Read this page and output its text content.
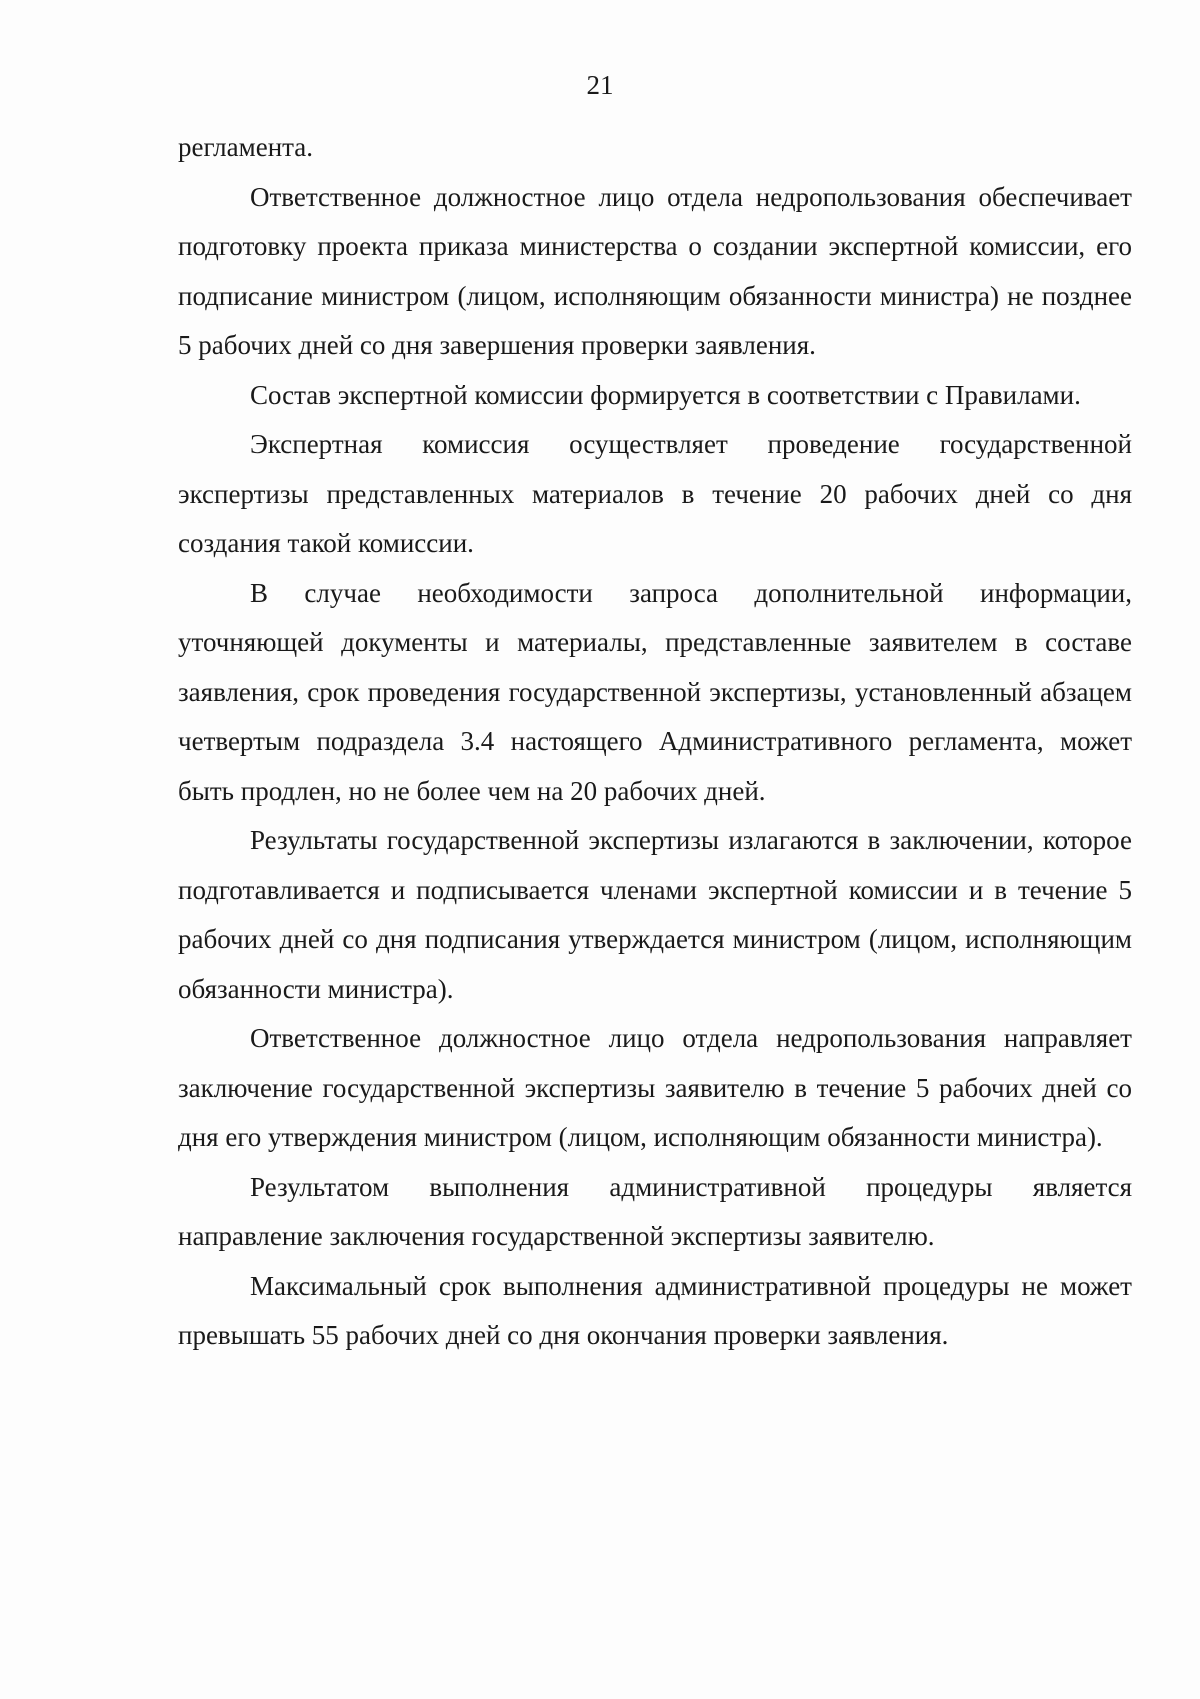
21

регламента.

Ответственное должностное лицо отдела недропользования обеспечивает подготовку проекта приказа министерства о создании экспертной комиссии, его подписание министром (лицом, исполняющим обязанности министра) не позднее 5 рабочих дней со дня завершения проверки заявления.

Состав экспертной комиссии формируется в соответствии с Правилами.

Экспертная комиссия осуществляет проведение государственной экспертизы представленных материалов в течение 20 рабочих дней со дня создания такой комиссии.

В случае необходимости запроса дополнительной информации, уточняющей документы и материалы, представленные заявителем в составе заявления, срок проведения государственной экспертизы, установленный абзацем четвертым подраздела 3.4 настоящего Административного регламента, может быть продлен, но не более чем на 20 рабочих дней.

Результаты государственной экспертизы излагаются в заключении, которое подготавливается и подписывается членами экспертной комиссии и в течение 5 рабочих дней со дня подписания утверждается министром (лицом, исполняющим обязанности министра).

Ответственное должностное лицо отдела недропользования направляет заключение государственной экспертизы заявителю в течение 5 рабочих дней со дня его утверждения министром (лицом, исполняющим обязанности министра).

Результатом выполнения административной процедуры является направление заключения государственной экспертизы заявителю.

Максимальный срок выполнения административной процедуры не может превышать 55 рабочих дней со дня окончания проверки заявления.
